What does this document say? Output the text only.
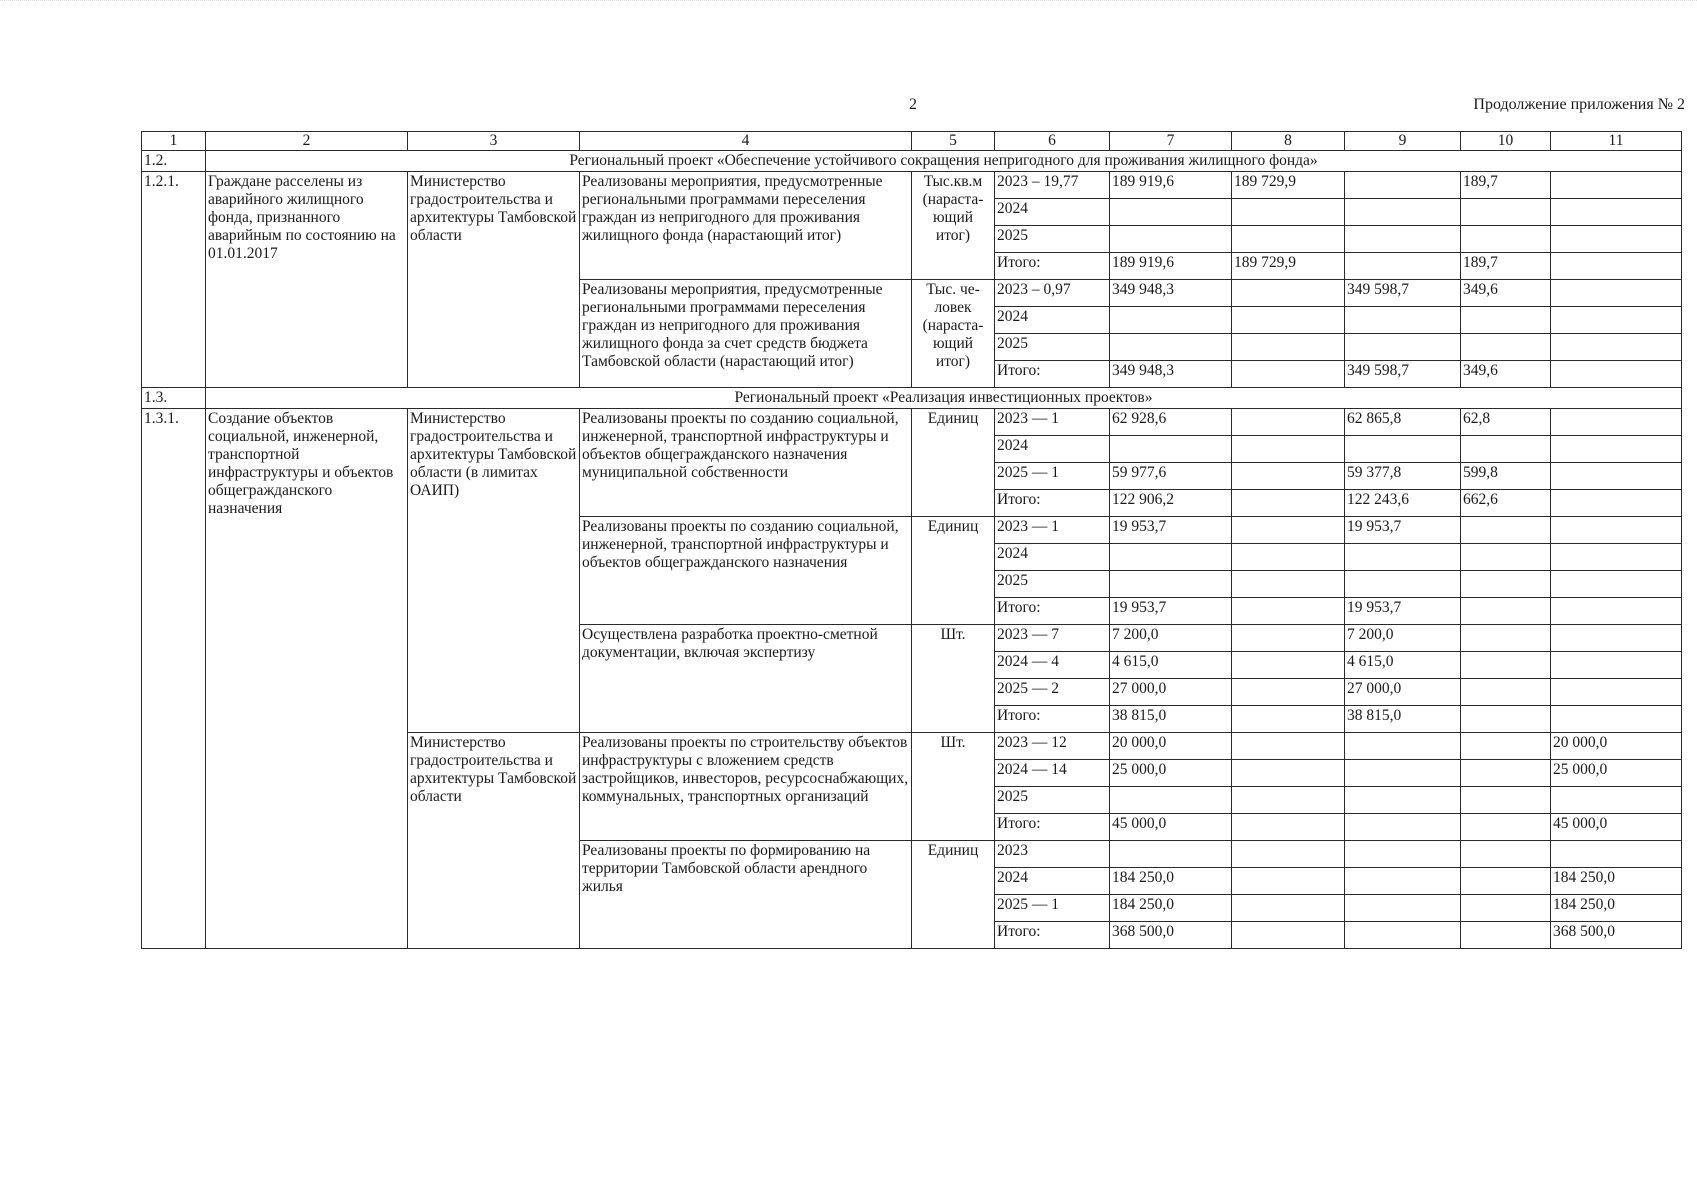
2	Продолжение приложения № 2
1	2	3	4	5	6	7	8	9	10	11
1.2.	Региональный проект «Обеспечение устойчивого сокращения непригодного для проживания жилищного фонда»									
1.2.1.	Граждане расселены из аварийного жилищного фонда, признанного аварийным по состоянию на 01.01.2017	Министерство градостроительства и архитектуры Тамбовской области	Реализованы мероприятия, предусмотренные региональными программами переселения граждан из непригодного для проживания жилищного фонда (нарастающий итог)	Тыс.кв.м (нараста-ющий итог)	2023 – 19,77	189 919,6	189 729,9		189,7	
					2024					
					2025					
					Итого:	189 919,6	189 729,9		189,7	
			Реализованы мероприятия, предусмотренные региональными программами переселения граждан из непригодного для проживания жилищного фонда за счет средств бюджета Тамбовской области (нарастающий итог)	Тыс. че-ловек (нараста-ющий итог)	2023 – 0,97	349 948,3		349 598,7	349,6	
					2024					
					2025					
					Итого:	349 948,3		349 598,7	349,6	
1.3.	Региональный проект «Реализация инвестиционных проектов»									
1.3.1.	Создание объектов социальной, инженерной, транспортной инфраструктуры и объектов общегражданского назначения	Министерство градостроительства и архитектуры Тамбовской области (в лимитах ОАИП)	Реализованы проекты по созданию социальной, инженерной, транспортной инфраструктуры и объектов общегражданского назначения муниципальной собственности	Единиц	2023 — 1	62 928,6		62 865,8	62,8	
					2024					
					2025 — 1	59 977,6		59 377,8	599,8	
					Итого:	122 906,2		122 243,6	662,6	
			Реализованы проекты по созданию социальной, инженерной, транспортной инфраструктуры и объектов общегражданского назначения	Единиц	2023 — 1	19 953,7		19 953,7		
					2024					
					2025					
					Итого:	19 953,7		19 953,7		
			Осуществлена разработка проектно-сметной документации, включая экспертизу	Шт.	2023 — 7	7 200,0		7 200,0		
					2024 — 4	4 615,0		4 615,0		
					2025 — 2	27 000,0		27 000,0		
					Итого:	38 815,0		38 815,0		
		Министерство градостроительства и архитектуры Тамбовской области	Реализованы проекты по строительству объектов инфраструктуры с вложением средств застройщиков, инвесторов, ресурсоснабжающих, коммунальных, транспортных организаций	Шт.	2023 — 12	20 000,0				20 000,0
					2024 — 14	25 000,0				25 000,0
					2025					
					Итого:	45 000,0				45 000,0
			Реализованы проекты по формированию на территории Тамбовской области арендного жилья	Единиц	2023					
					2024	184 250,0				184 250,0
					2025 — 1	184 250,0				184 250,0
					Итого:	368 500,0				368 500,0
